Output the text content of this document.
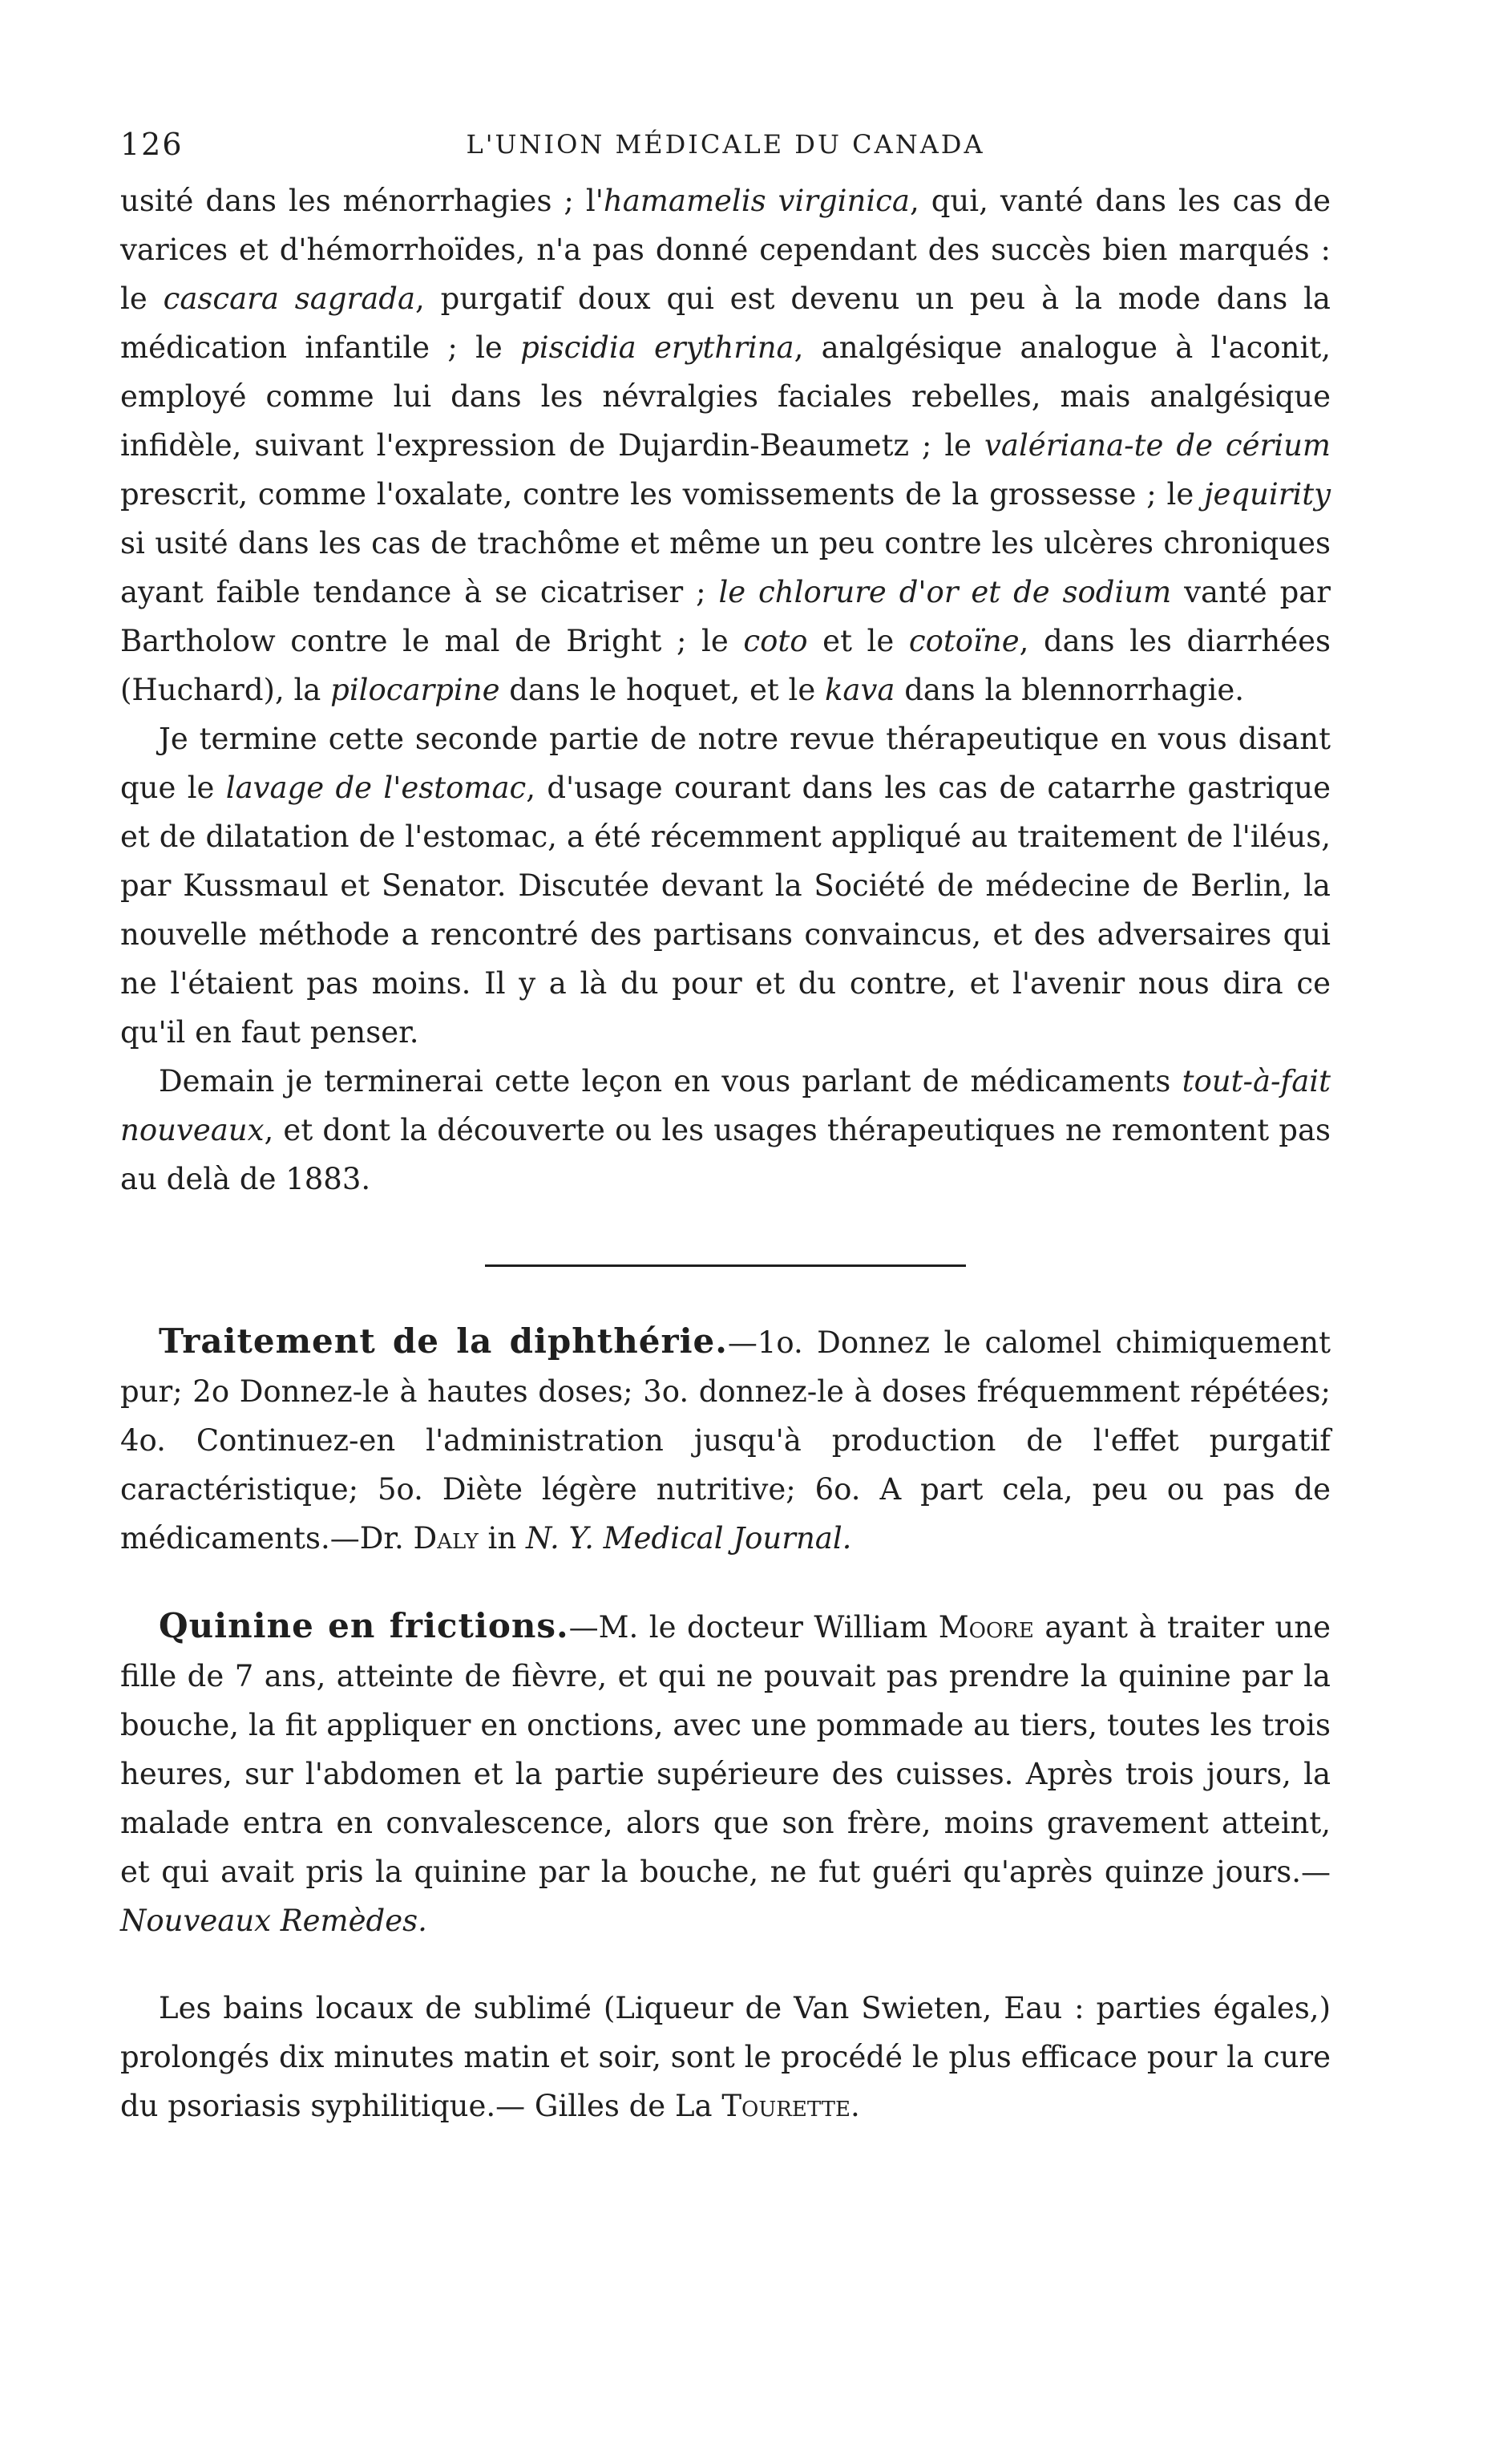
126	L'UNION MÉDICALE DU CANADA

usité dans les ménorrhagies ; l'hamamelis virginica, qui, vanté dans les cas de varices et d'hémorrhoïdes, n'a pas donné cependant des succès bien marqués : le cascara sagrada, purgatif doux qui est devenu un peu à la mode dans la médication infantile ; le piscidia erythrina, analgésique analogue à l'aconit, employé comme lui dans les névralgies faciales rebelles, mais analgésique infidèle, suivant l'expression de Dujardin-Beaumetz ; le valériana-te de cérium prescrit, comme l'oxalate, contre les vomissements de la grossesse ; le jequirity si usité dans les cas de trachôme et même un peu contre les ulcères chroniques ayant faible tendance à se cicatriser ; le chlorure d'or et de sodium vanté par Bartholow contre le mal de Bright ; le coto et le cotoïne, dans les diarrhées (Huchard), la pilocarpine dans le hoquet, et le kava dans la blennorrhagie.

Je termine cette seconde partie de notre revue thérapeutique en vous disant que le lavage de l'estomac, d'usage courant dans les cas de catarrhe gastrique et de dilatation de l'estomac, a été récemment appliqué au traitement de l'iléus, par Kussmaul et Senator. Discutée devant la Société de médecine de Berlin, la nouvelle méthode a rencontré des partisans convaincus, et des adversaires qui ne l'étaient pas moins. Il y a là du pour et du contre, et l'avenir nous dira ce qu'il en faut penser.

Demain je terminerai cette leçon en vous parlant de médicaments tout-à-fait nouveaux, et dont la découverte ou les usages thérapeutiques ne remontent pas au delà de 1883.

Traitement de la diphthérie.—1o. Donnez le calomel chimiquement pur; 2o Donnez-le à hautes doses; 3o. donnez-le à doses fréquemment répétées; 4o. Continuez-en l'administration jusqu'à production de l'effet purgatif caractéristique; 5o. Diète légère nutritive; 6o. A part cela, peu ou pas de médicaments.—Dr. Daly in N. Y. Medical Journal.

Quinine en frictions.—M. le docteur William Moore ayant à traiter une fille de 7 ans, atteinte de fièvre, et qui ne pouvait pas prendre la quinine par la bouche, la fit appliquer en onctions, avec une pommade au tiers, toutes les trois heures, sur l'abdomen et la partie supérieure des cuisses. Après trois jours, la malade entra en convalescence, alors que son frère, moins gravement atteint, et qui avait pris la quinine par la bouche, ne fut guéri qu'après quinze jours.— Nouveaux Remèdes.

Les bains locaux de sublimé (Liqueur de Van Swieten, Eau : parties égales,) prolongés dix minutes matin et soir, sont le procédé le plus efficace pour la cure du psoriasis syphilitique.— Gilles de La Tourette.
